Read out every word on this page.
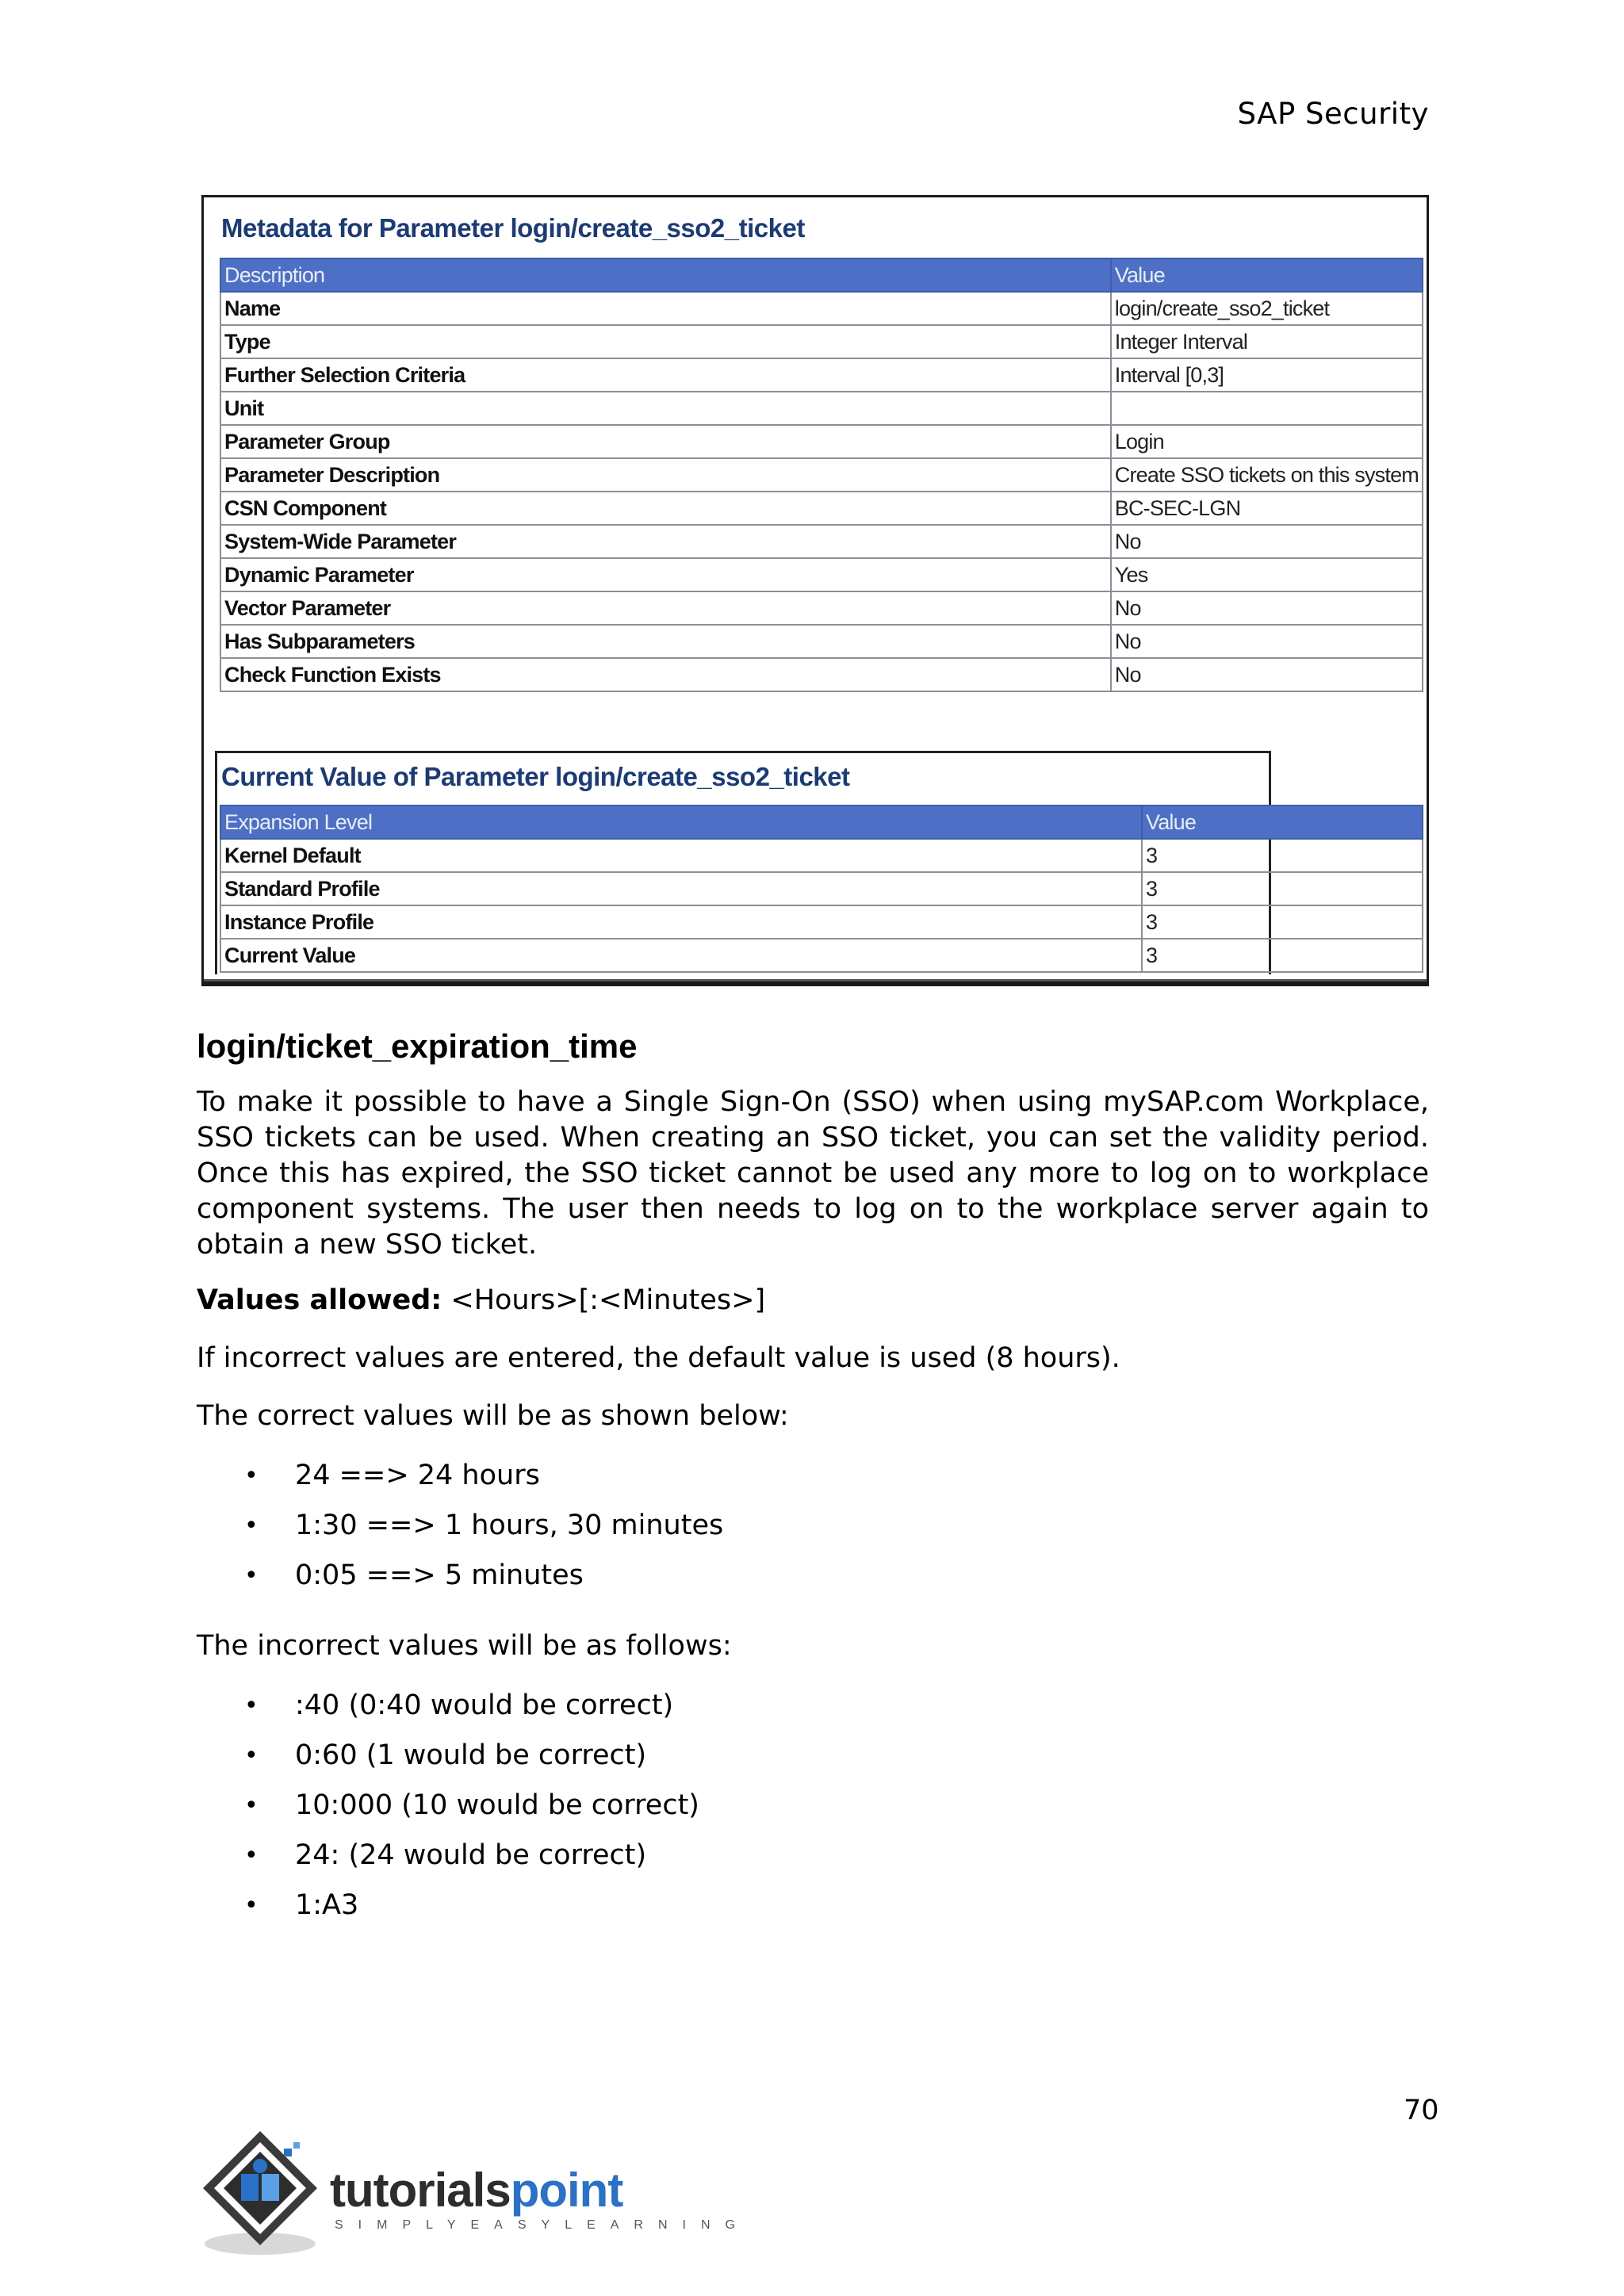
SAP Security
Metadata for Parameter login/create_sso2_ticket
Description	Value
Name	login/create_sso2_ticket
Type	Integer Interval
Further Selection Criteria	Interval [0,3]
Unit	
Parameter Group	Login
Parameter Description	Create SSO tickets on this system
CSN Component	BC-SEC-LGN
System-Wide Parameter	No
Dynamic Parameter	Yes
Vector Parameter	No
Has Subparameters	No
Check Function Exists	No
Current Value of Parameter login/create_sso2_ticket
Expansion Level	Value
Kernel Default	3
Standard Profile	3
Instance Profile	3
Current Value	3
login/ticket_expiration_time

To make it possible to have a Single Sign-On (SSO) when using mySAP.com Workplace, SSO tickets can be used. When creating an SSO ticket, you can set the validity period. Once this has expired, the SSO ticket cannot be used any more to log on to workplace component systems. The user then needs to log on to the workplace server again to obtain a new SSO ticket.

Values allowed: <Hours>[:<Minutes>]

If incorrect values are entered, the default value is used (8 hours).

The correct values will be as shown below:

• 24 ==> 24 hours
• 1:30 ==> 1 hours, 30 minutes
• 0:05 ==> 5 minutes

The incorrect values will be as follows:

• :40 (0:40 would be correct)
• 0:60 (1 would be correct)
• 10:000 (10 would be correct)
• 24: (24 would be correct)
• 1:A3
70
tutorialspoint
SIMPLYEASYLEARNING
